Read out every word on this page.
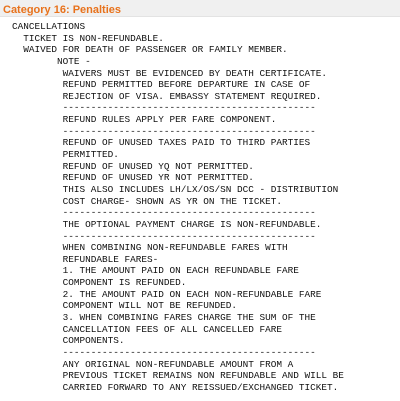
Category 16: Penalties
CANCELLATIONS
TICKET IS NON-REFUNDABLE.
WAIVED FOR DEATH OF PASSENGER OR FAMILY MEMBER.
NOTE -
WAIVERS MUST BE EVIDENCED BY DEATH CERTIFICATE.
REFUND PERMITTED BEFORE DEPARTURE IN CASE OF
REJECTION OF VISA. EMBASSY STATEMENT REQUIRED.
---------------------------------------------
REFUND RULES APPLY PER FARE COMPONENT.
---------------------------------------------
REFUND OF UNUSED TAXES PAID TO THIRD PARTIES
PERMITTED.
REFUND OF UNUSED YQ NOT PERMITTED.
REFUND OF UNUSED YR NOT PERMITTED.
THIS ALSO INCLUDES LH/LX/OS/SN DCC - DISTRIBUTION
COST CHARGE- SHOWN AS YR ON THE TICKET.
---------------------------------------------
THE OPTIONAL PAYMENT CHARGE IS NON-REFUNDABLE.
---------------------------------------------
WHEN COMBINING NON-REFUNDABLE FARES WITH
REFUNDABLE FARES-
1. THE AMOUNT PAID ON EACH REFUNDABLE FARE
COMPONENT IS REFUNDED.
2. THE AMOUNT PAID ON EACH NON-REFUNDABLE FARE
COMPONENT WILL NOT BE REFUNDED.
3. WHEN COMBINING FARES CHARGE THE SUM OF THE
CANCELLATION FEES OF ALL CANCELLED FARE
COMPONENTS.
---------------------------------------------
ANY ORIGINAL NON-REFUNDABLE AMOUNT FROM A
PREVIOUS TICKET REMAINS NON REFUNDABLE AND WILL BE
CARRIED FORWARD TO ANY REISSUED/EXCHANGED TICKET.
